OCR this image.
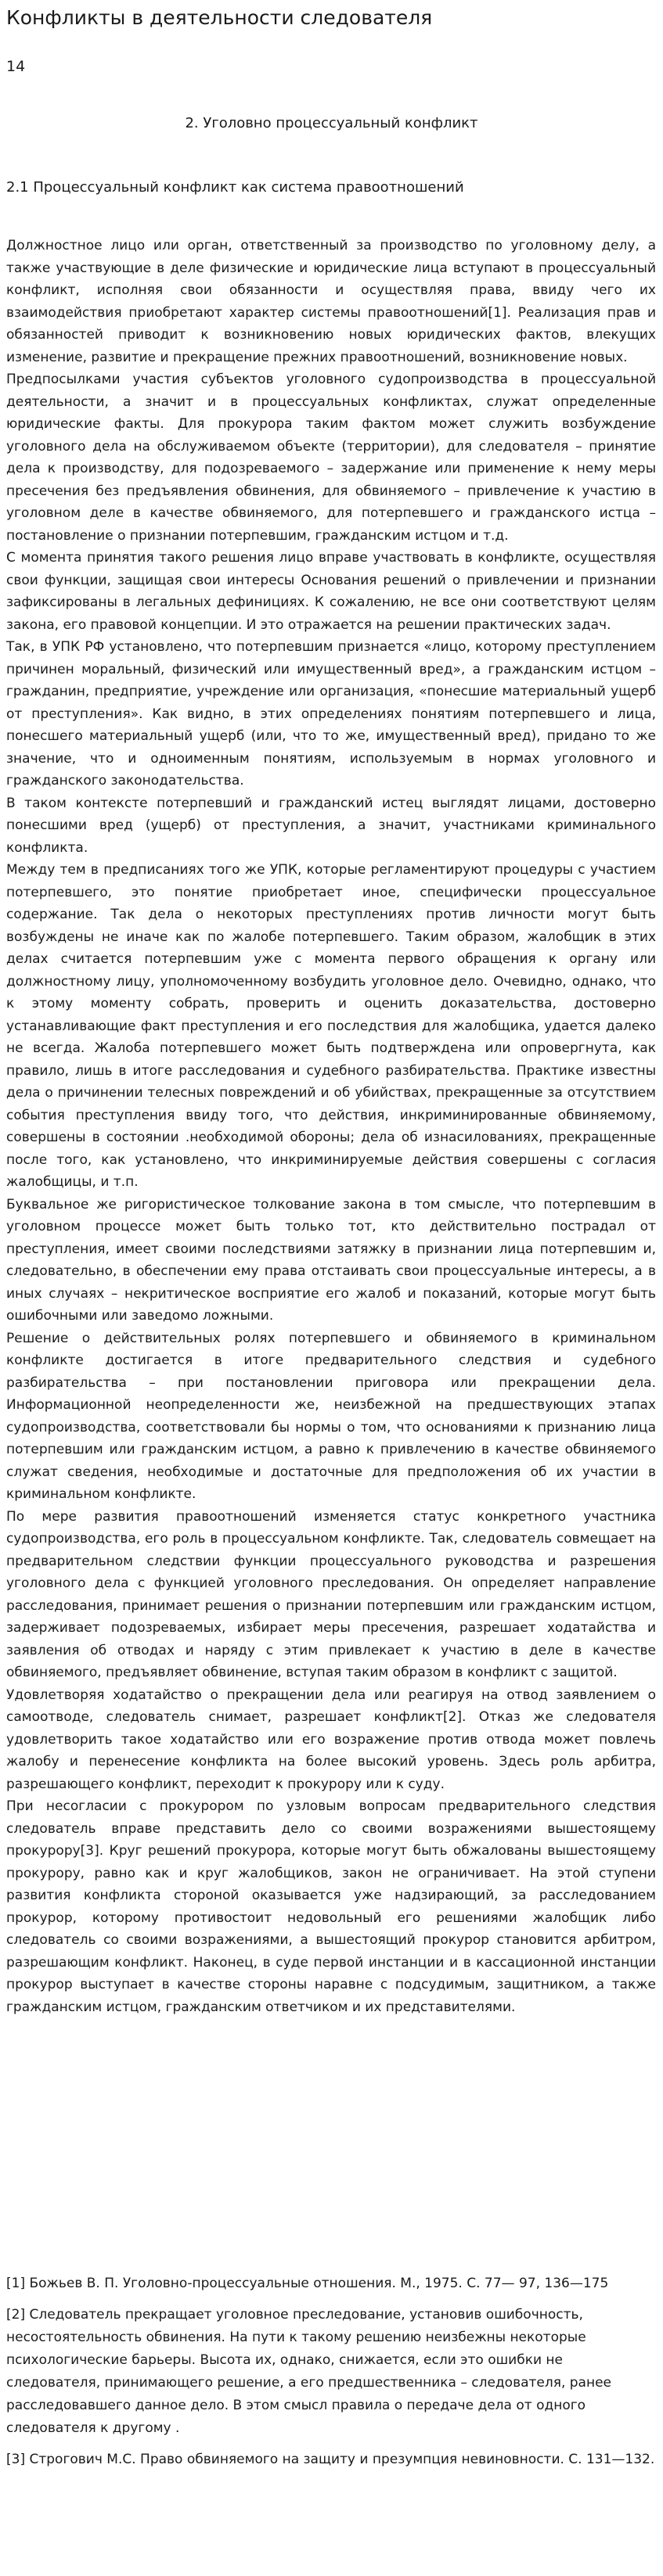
Конфликты в деятельности следователя
14
2. Уголовно процессуальный конфликт
2.1 Процессуальный конфликт как система правоотношений

Должностное лицо или орган, ответственный за производство по уголовному делу, а также участвующие в деле физические и юридические лица вступают в процессуальный конфликт, исполняя свои обязанности и осуществляя права, ввиду чего их взаимодействия приобретают характер системы правоотношений[1]. Реализация прав и обязанностей приводит к возникновению новых юридических фактов, влекущих изменение, развитие и прекращение прежних правоотношений, возникновение новых.

Предпосылками участия субъектов уголовного судопроизводства в процессуальной деятельности, а значит и в процессуальных конфликтах, служат определенные юридические факты. Для прокурора таким фактом может служить возбуждение уголовного дела на обслуживаемом объекте (территории), для следователя – принятие дела к производству, для подозреваемого – задержание или применение к нему меры пресечения без предъявления обвинения, для обвиняемого – привлечение к участию в уголовном деле в качестве обвиняемого, для потерпевшего и гражданского истца – постановление о признании потерпевшим, гражданским истцом и т.д.

С момента принятия такого решения лицо вправе участвовать в конфликте, осуществляя свои функции, защищая свои интересы Основания решений о привлечении и признании зафиксированы в легальных дефинициях. К сожалению, не все они соответствуют целям закона, его правовой концепции. И это отражается на решении практических задач.

Так, в УПК РФ установлено, что потерпевшим признается «лицо, которому преступлением причинен моральный, физический или имущественный вред», а гражданским истцом – гражданин, предприятие, учреждение или организация, «понесшие материальный ущерб от преступления». Как видно, в этих определениях понятиям потерпевшего и лица, понесшего материальный ущерб (или, что то же, имущественный вред), придано то же значение, что и одноименным понятиям, используемым в нормах уголовного и гражданского законодательства.

В таком контексте потерпевший и гражданский истец выглядят лицами, достоверно понесшими вред (ущерб) от преступления, а значит, участниками криминального конфликта.

Между тем в предписаниях того же УПК, которые регламентируют процедуры с участием потерпевшего, это понятие приобретает иное, специфически процессуальное содержание. Так дела о некоторых преступлениях против личности могут быть возбуждены не иначе как по жалобе потерпевшего. Таким образом, жалобщик в этих делах считается потерпевшим уже с момента первого обращения к органу или должностному лицу, уполномоченному возбудить уголовное дело. Очевидно, однако, что к этому моменту собрать, проверить и оценить доказательства, достоверно устанавливающие факт преступления и его последствия для жалобщика, удается далеко не всегда. Жалоба потерпевшего может быть подтверждена или опровергнута, как правило, лишь в итоге расследования и судебного разбирательства. Практике известны дела о причинении телесных повреждений и об убийствах, прекращенные за отсутствием события преступления ввиду того, что действия, инкриминированные обвиняемому, совершены в состоянии .необходимой обороны; дела об изнасилованиях, прекращенные после того, как установлено, что инкриминируемые действия совершены с согласия жалобщицы, и т.п.

Буквальное же ригористическое толкование закона в том смысле, что потерпевшим в уголовном процессе может быть только тот, кто действительно пострадал от преступления, имеет своими последствиями затяжку в признании лица потерпевшим и, следовательно, в обеспечении ему права отстаивать свои процессуальные интересы, а в иных случаях – некритическое восприятие его жалоб и показаний, которые могут быть ошибочными или заведомо ложными.

Решение о действительных ролях потерпевшего и обвиняемого в криминальном конфликте достигается в итоге предварительного следствия и судебного разбирательства – при постановлении приговора или прекращении дела. Информационной неопределенности же, неизбежной на предшествующих этапах судопроизводства, соответствовали бы нормы о том, что основаниями к признанию лица потерпевшим или гражданским истцом, а равно к привлечению в качестве обвиняемого служат сведения, необходимые и достаточные для предположения об их участии в криминальном конфликте.

По мере развития правоотношений изменяется статус конкретного участника судопроизводства, его роль в процессуальном конфликте. Так, следователь совмещает на предварительном следствии функции процессуального руководства и разрешения уголовного дела с функцией уголовного преследования. Он определяет направление расследования, принимает решения о признании потерпевшим или гражданским истцом, задерживает подозреваемых, избирает меры пресечения, разрешает ходатайства и заявления об отводах и наряду с этим привлекает к участию в деле в качестве обвиняемого, предъявляет обвинение, вступая таким образом в конфликт с защитой.

Удовлетворяя ходатайство о прекращении дела или реагируя на отвод заявлением о самоотводе, следователь снимает, разрешает конфликт[2]. Отказ же следователя удовлетворить такое ходатайство или его возражение против отвода может повлечь жалобу и перенесение конфликта на более высокий уровень. Здесь роль арбитра, разрешающего конфликт, переходит к прокурору или к суду.

При несогласии с прокурором по узловым вопросам предварительного следствия следователь вправе представить дело со своими возражениями вышестоящему прокурору[3]. Круг решений прокурора, которые могут быть обжалованы вышестоящему прокурору, равно как и круг жалобщиков, закон не ограничивает. На этой ступени развития конфликта стороной оказывается уже надзирающий, за расследованием прокурор, которому противостоит недовольный его решениями жалобщик либо следователь со своими возражениями, а вышестоящий прокурор становится арбитром, разрешающим конфликт. Наконец, в суде первой инстанции и в кассационной инстанции прокурор выступает в качестве стороны наравне с подсудимым, защитником, а также гражданским истцом, гражданским ответчиком и их представителями.

[1] Божьев В. П. Уголовно-процессуальные отношения. М., 1975. С. 77— 97, 136—175

[2] Следователь прекращает уголовное преследование, установив ошибочность, несостоятельность обвинения. На пути к такому решению неизбежны некоторые психологические барьеры. Высота их, однако, снижается, если это ошибки не следователя, принимающего решение, а его предшественника – следователя, ранее расследовавшего данное дело. В этом смысл правила о передаче дела от одного следователя к другому .

[3] Строгович М.С. Право обвиняемого на защиту и презумпция невиновности. С. 131—132.
